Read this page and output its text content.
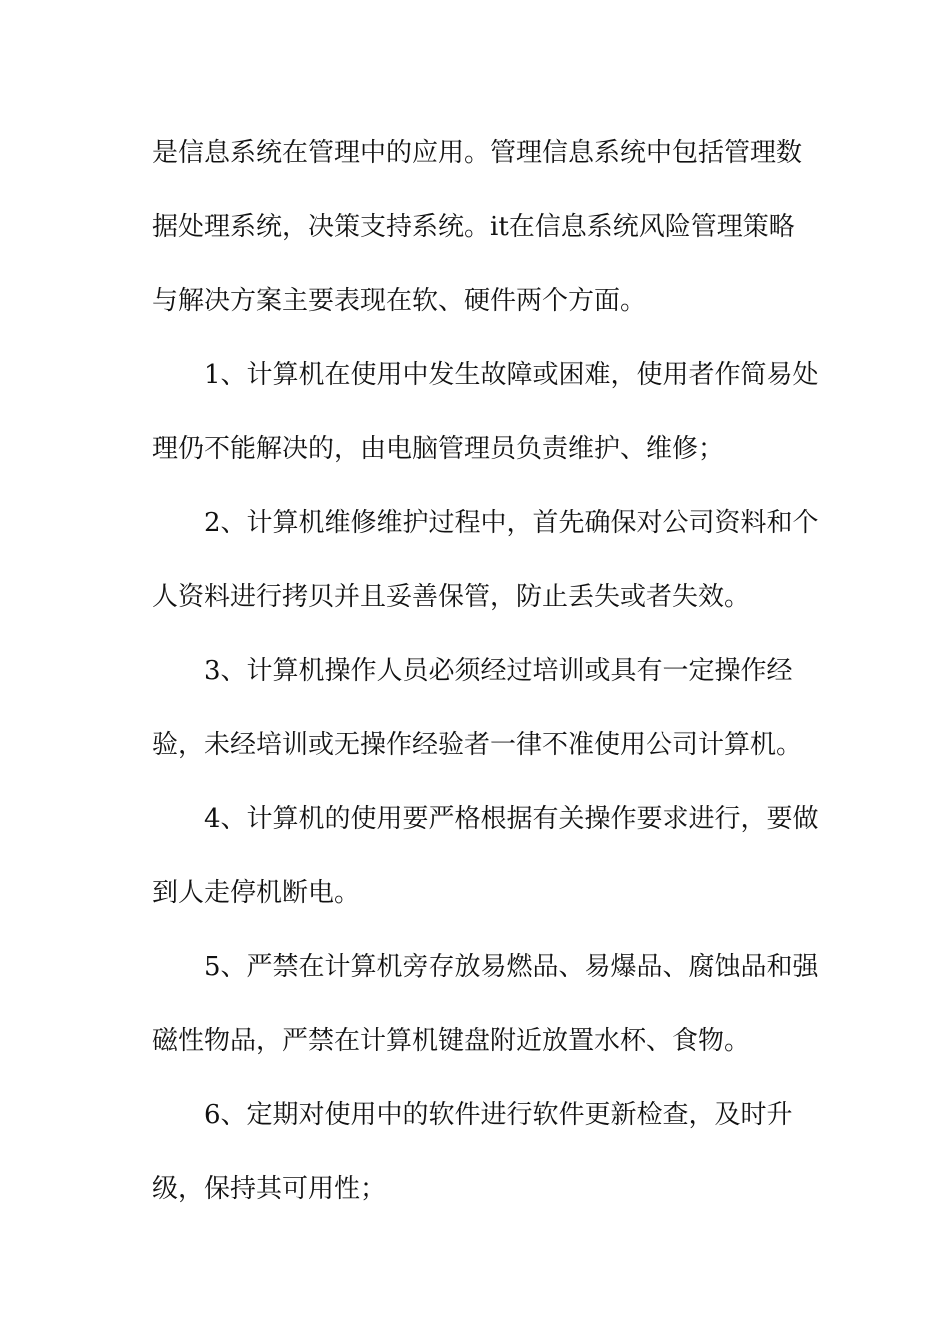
是信息系统在管理中的应用。管理信息系统中包括管理数
据处理系统，决策支持系统。it在信息系统风险管理策略
与解决方案主要表现在软、硬件两个方面。
1、计算机在使用中发生故障或困难，使用者作简易处
理仍不能解决的，由电脑管理员负责维护、维修；
2、计算机维修维护过程中，首先确保对公司资料和个
人资料进行拷贝并且妥善保管，防止丢失或者失效。
3、计算机操作人员必须经过培训或具有一定操作经
验，未经培训或无操作经验者一律不准使用公司计算机。
4、计算机的使用要严格根据有关操作要求进行，要做
到人走停机断电。
5、严禁在计算机旁存放易燃品、易爆品、腐蚀品和强
磁性物品，严禁在计算机键盘附近放置水杯、食物。
6、定期对使用中的软件进行软件更新检查，及时升
级，保持其可用性；
